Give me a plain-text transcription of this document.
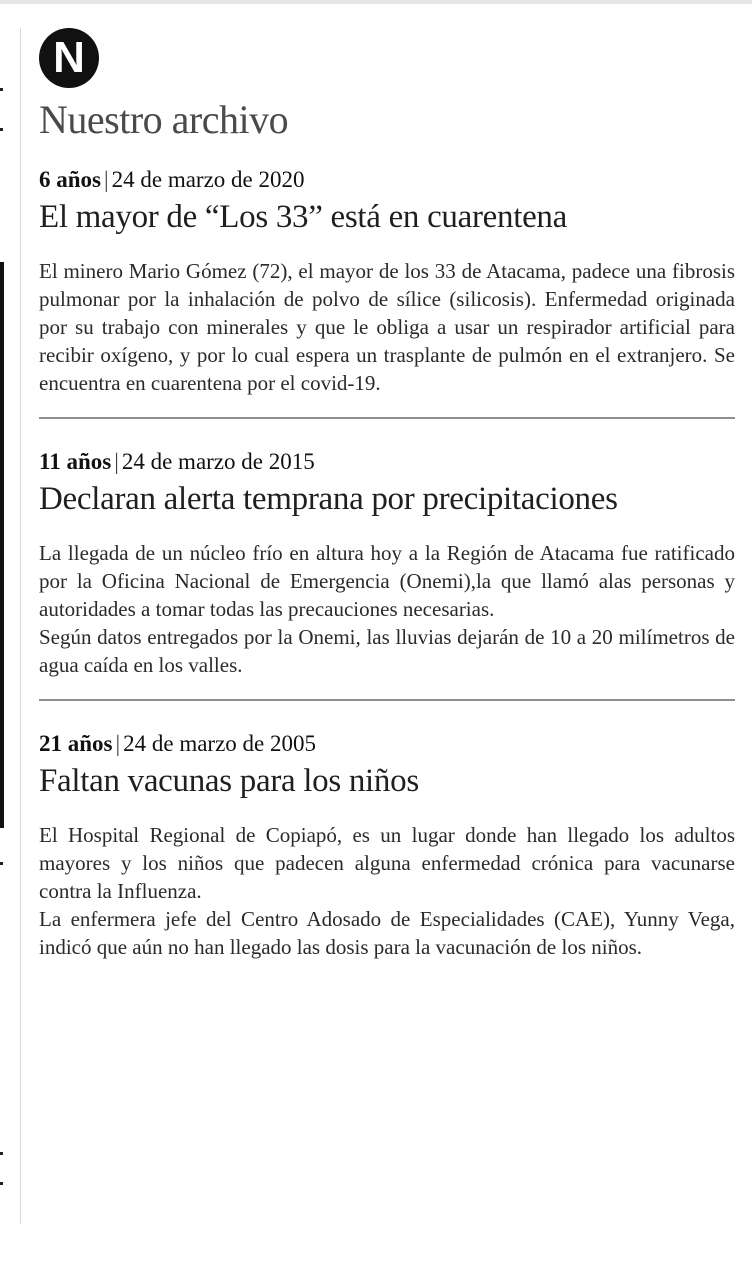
N
Nuestro archivo
6 años | 24 de marzo de 2020
El mayor de “Los 33” está en cuarentena

El minero Mario Gómez (72), el mayor de los 33 de Atacama, padece una fibrosis pulmonar por la inhalación de polvo de sílice (silicosis). Enfermedad originada por su trabajo con minerales y que le obliga a usar un respirador artificial para recibir oxígeno, y por lo cual espera un trasplante de pulmón en el extranjero. Se encuentra en cuarentena por el covid-19.

11 años | 24 de marzo de 2015
Declaran alerta temprana por precipitaciones

La llegada de un núcleo frío en altura hoy a la Región de Atacama fue ratificado por la Oficina Nacional de Emergencia (Onemi),la que llamó alas personas y autoridades a tomar todas las precauciones necesarias.

Según datos entregados por la Onemi, las lluvias dejarán de 10 a 20 milímetros de agua caída en los valles.

21 años | 24 de marzo de 2005
Faltan vacunas para los niños

El Hospital Regional de Copiapó, es un lugar donde han llegado los adultos mayores y los niños que padecen alguna enfermedad crónica para vacunarse contra la Influenza.

La enfermera jefe del Centro Adosado de Especialidades (CAE), Yunny Vega, indicó que aún no han llegado las dosis para la vacunación de los niños.
